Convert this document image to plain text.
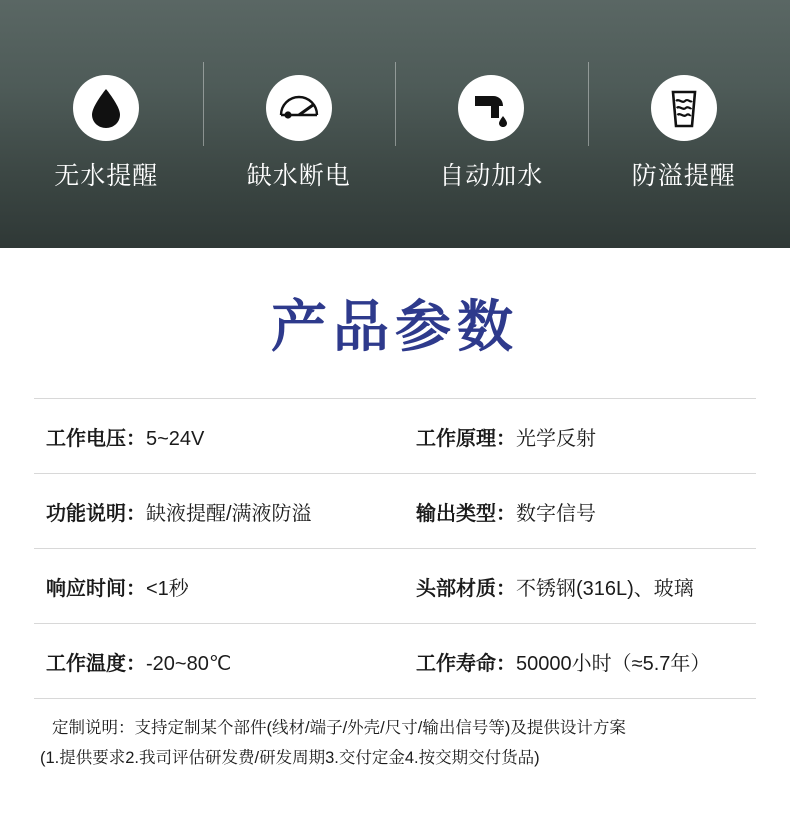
无水提醒	缺水断电	自动加水	防溢提醒
产品参数
工作电压： 5~24V	工作原理： 光学反射
功能说明： 缺液提醒/满液防溢	输出类型： 数字信号
响应时间： <1秒	头部材质： 不锈钢(316L)、玻璃
工作温度： -20~80℃	工作寿命： 50000小时（≈5.7年）
定制说明：支持定制某个部件(线材/端子/外壳/尺寸/输出信号等)及提供设计方案
(1.提供要求2.我司评估研发费/研发周期3.交付定金4.按交期交付货品)
